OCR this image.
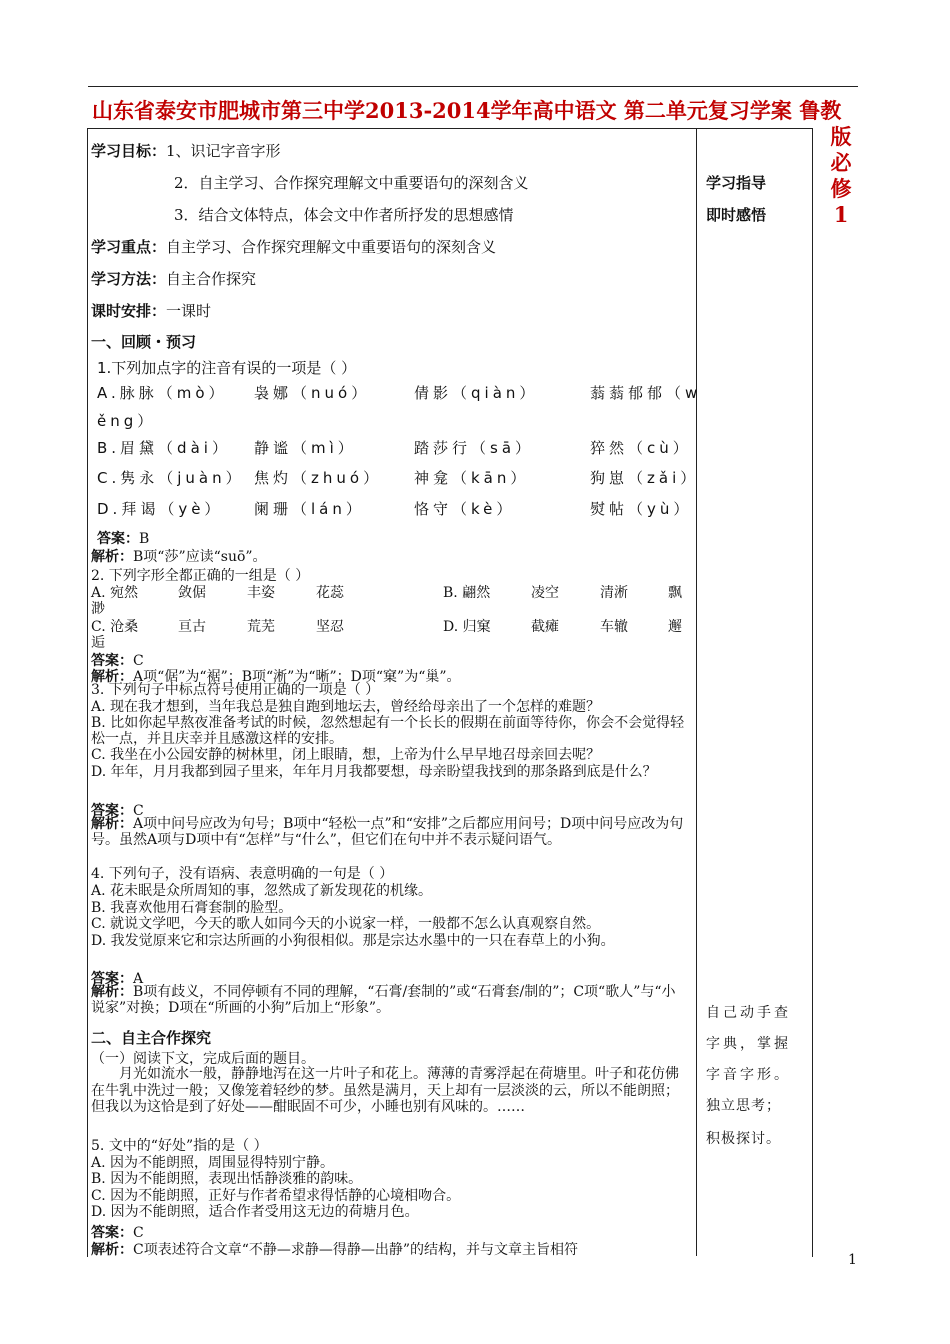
山东省泰安市肥城市第三中学2013-2014学年高中语文 第二单元复习学案 鲁教
版
必
修
1
学习指导
即时感悟
自己动手查字典，掌握字音字形。
独立思考；
积极探讨。
学习目标：1、识记字音字形
2．自主学习、合作探究理解文中重要语句的深刻含义
3．结合文体特点，体会文中作者所抒发的思想感情
学习重点：自主学习、合作探究理解文中重要语句的深刻含义
学习方法：自主合作探究
课时安排：一课时
一、回顾・预习
1.下列加点字的注音有误的一项是（ ）
A.脉脉（mò） 袅娜（nuó）	倩影（qiàn）	蓊蓊郁郁（w
ěng）
B.眉黛（dài） 静谧（mì）	踏莎行（sā）	猝然（cù）
C.隽永（juàn） 焦灼（zhuó） 神龛（kān）	狗崽（zǎi）
D.拜谒（yè） 阑珊（lán）	恪守（kè）	熨帖（yù）
答案：B
解析：B项“莎”应读“suō”。
2. 下列字形全都正确的一组是（ ）
A. 宛然	敛倨	丰姿	花蕊	B. 翩然	凌空	清淅	飘
渺
C. 沧桑	亘古	荒芜	坚忍	D. 归窠	截瘫	车辙	邂
逅
答案：C
解析：A项“倨”为“裾”；B项“淅”为“晰”；D项“窠”为“巢”。
3. 下列句子中标点符号使用正确的一项是（ ）
A. 现在我才想到，当年我总是独自跑到地坛去，曾经给母亲出了一个怎样的难题？
B. 比如你起早熬夜准备考试的时候，忽然想起有一个长长的假期在前面等待你，你会不会觉得轻松一点，并且庆幸并且感激这样的安排。
C. 我坐在小公园安静的树林里，闭上眼睛，想，上帝为什么早早地召母亲回去呢？
D. 年年，月月我都到园子里来，年年月月我都要想，母亲盼望我找到的那条路到底是什么？
答案：C
解析：A项中问号应改为句号；B项中“轻松一点”和“安排”之后都应用问号；D项中问号应改为句号。虽然A项与D项中有“怎样”与“什么”，但它们在句中并不表示疑问语气。
4. 下列句子，没有语病、表意明确的一句是（ ）
A. 花未眠是众所周知的事，忽然成了新发现花的机缘。
B. 我喜欢他用石膏套制的脸型。
C. 就说文学吧，今天的歌人如同今天的小说家一样，一般都不怎么认真观察自然。
D. 我发觉原来它和宗达所画的小狗很相似。那是宗达水墨中的一只在春草上的小狗。
答案：A
解析：B项有歧义，不同停顿有不同的理解，“石膏/套制的”或“石膏套/制的”；C项“歌人”与“小说家”对换；D项在“所画的小狗”后加上“形象”。
二、自主合作探究
（一）阅读下文，完成后面的题目。
月光如流水一般，静静地泻在这一片叶子和花上。薄薄的青雾浮起在荷塘里。叶子和花仿佛在牛乳中洗过一般；又像笼着轻纱的梦。虽然是满月，天上却有一层淡淡的云，所以不能朗照；但我以为这恰是到了好处——酣眠固不可少，小睡也别有风味的。……
5. 文中的“好处”指的是（ ）
A. 因为不能朗照，周围显得特别宁静。
B. 因为不能朗照，表现出恬静淡雅的韵味。
C. 因为不能朗照，正好与作者希望求得恬静的心境相吻合。
D. 因为不能朗照，适合作者受用这无边的荷塘月色。
答案：C
解析：C项表述符合文章“不静—求静—得静—出静”的结构，并与文章主旨相符
1
